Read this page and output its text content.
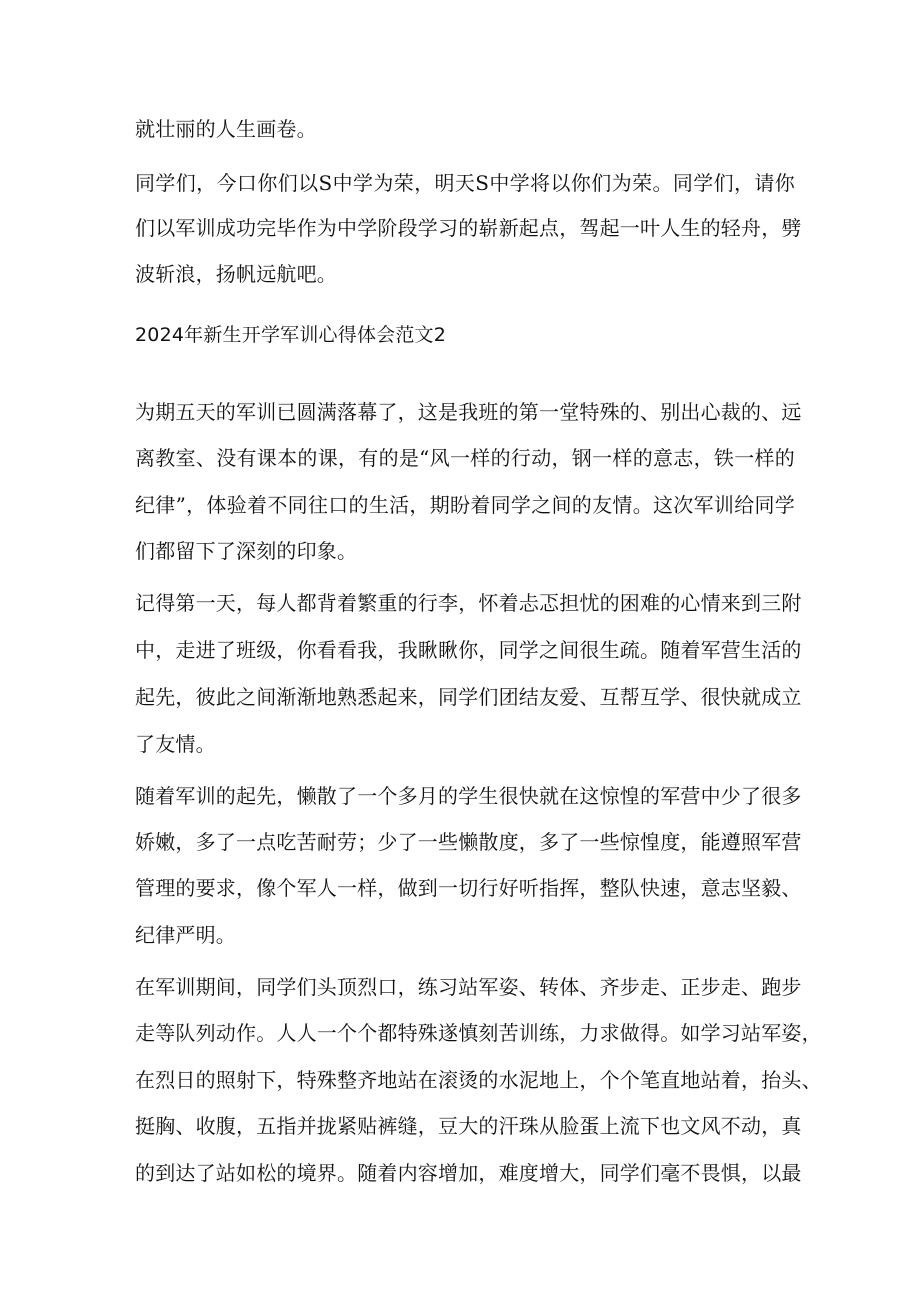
就壮丽的人生画卷。
同学们，今口你们以S中学为荣，明天S中学将以你们为荣。同学们，请你
们以军训成功完毕作为中学阶段学习的崭新起点，驾起一叶人生的轻舟，劈
波斩浪，扬帆远航吧。
2024年新生开学军训心得体会范文2
为期五天的军训已圆满落幕了，这是我班的第一堂特殊的、别出心裁的、远
离教室、没有课本的课，有的是“风一样的行动，钢一样的意志，铁一样的
纪律”，体验着不同往口的生活，期盼着同学之间的友情。这次军训给同学
们都留下了深刻的印象。
记得第一天，每人都背着繁重的行李，怀着忐忑担忧的困难的心情来到三附
中，走进了班级，你看看我，我瞅瞅你，同学之间很生疏。随着军营生活的
起先，彼此之间渐渐地熟悉起来，同学们团结友爱、互帮互学、很快就成立
了友情。
随着军训的起先，懒散了一个多月的学生很快就在这惊惶的军营中少了很多
娇嫩，多了一点吃苦耐劳；少了一些懒散度，多了一些惊惶度，能遵照军营
管理的要求，像个军人一样，做到一切行好听指挥，整队快速，意志坚毅、
纪律严明。
在军训期间，同学们头顶烈口，练习站军姿、转体、齐步走、正步走、跑步
走等队列动作。人人一个个都特殊遂慎刻苦训练，力求做得。如学习站军姿，
在烈日的照射下，特殊整齐地站在滚烫的水泥地上，个个笔直地站着，抬头、
挺胸、收腹，五指并拢紧贴裤缝，豆大的汗珠从脸蛋上流下也文风不动，真
的到达了站如松的境界。随着内容增加，难度增大，同学们毫不畏惧，以最
